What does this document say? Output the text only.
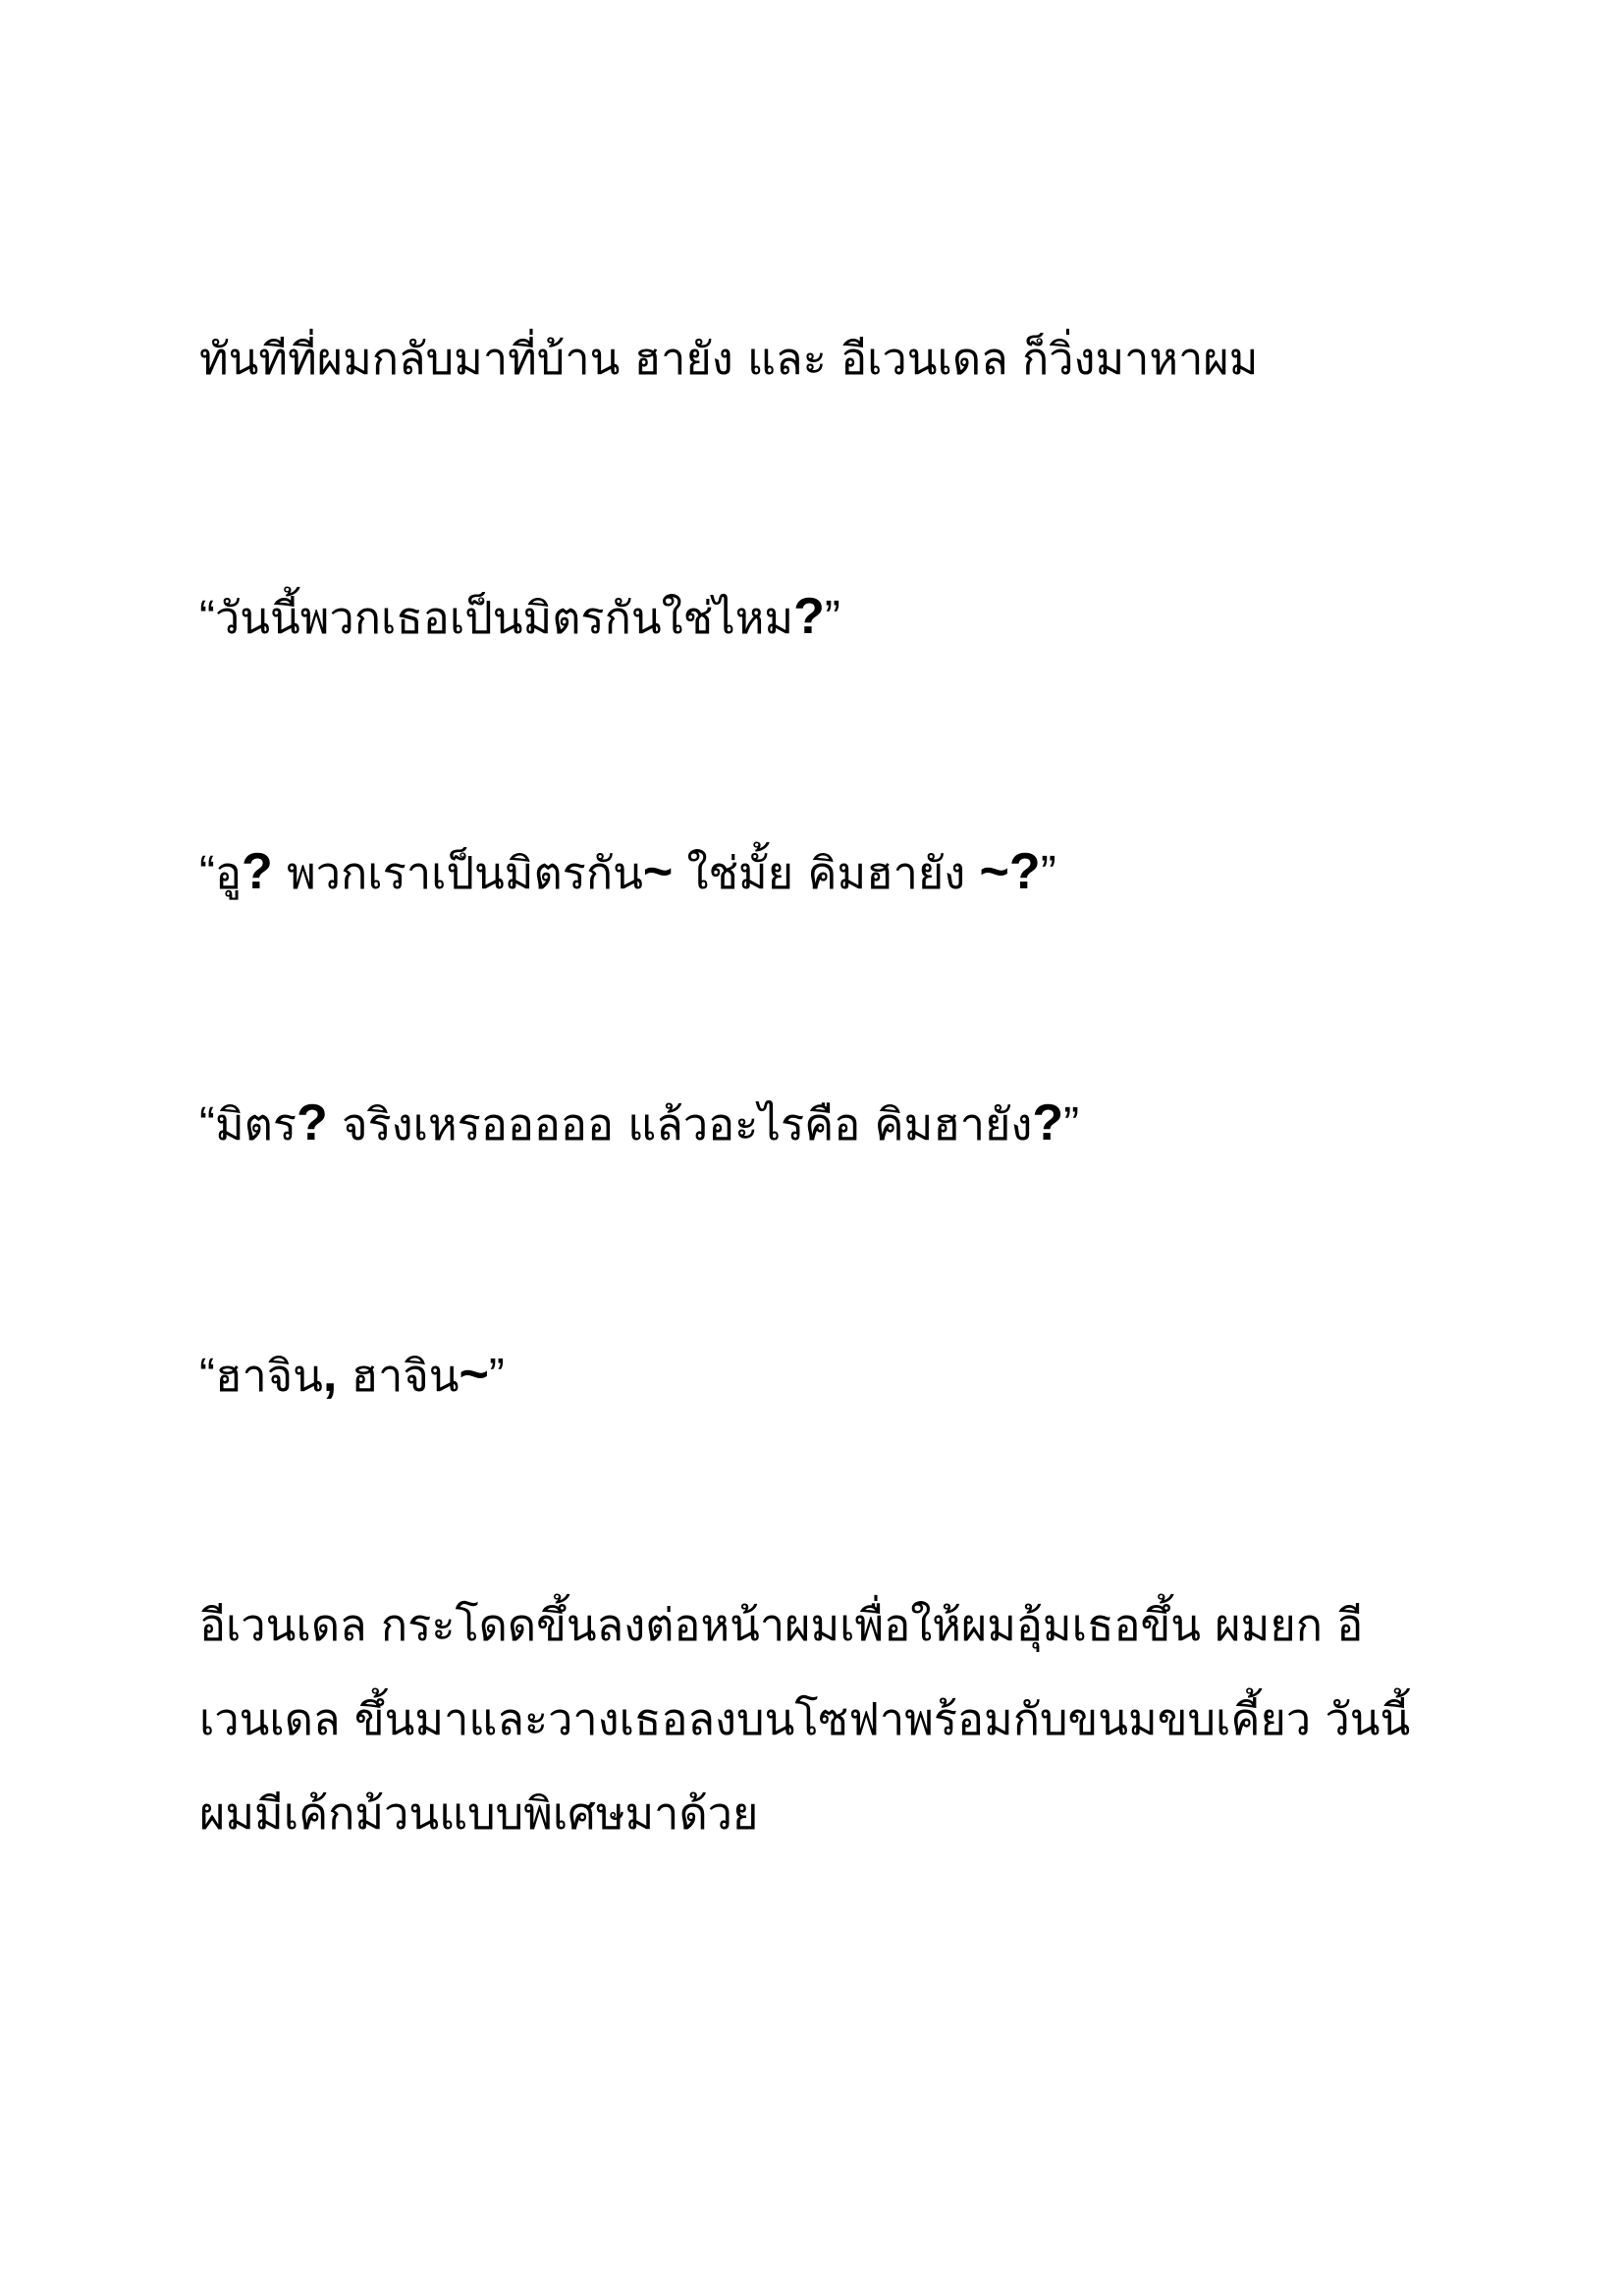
ทันทีที่ผมกลับมาที่บ้าน ฮายัง และ อีเวนเดล ก็วิ่งมาหาผม

“วันนี้พวกเธอเป็นมิตรกันใช่ไหม?”

“อู? พวกเราเป็นมิตรกัน~ ใช่มั้ย คิมฮายัง ~?”

“มิตร? จริงเหรอออออ แล้วอะไรคือ คิมฮายัง?”

“ฮาจิน, ฮาจิน~”

อีเวนเดล กระโดดขึ้นลงต่อหน้าผมเพื่อให้ผมอุ้มเธอขึ้น ผมยก อี
เวนเดล ขึ้นมาและวางเธอลงบนโซฟาพร้อมกับขนมขบเคี้ยว วันนี้
ผมมีเค้กม้วนแบบพิเศษมาด้วย
